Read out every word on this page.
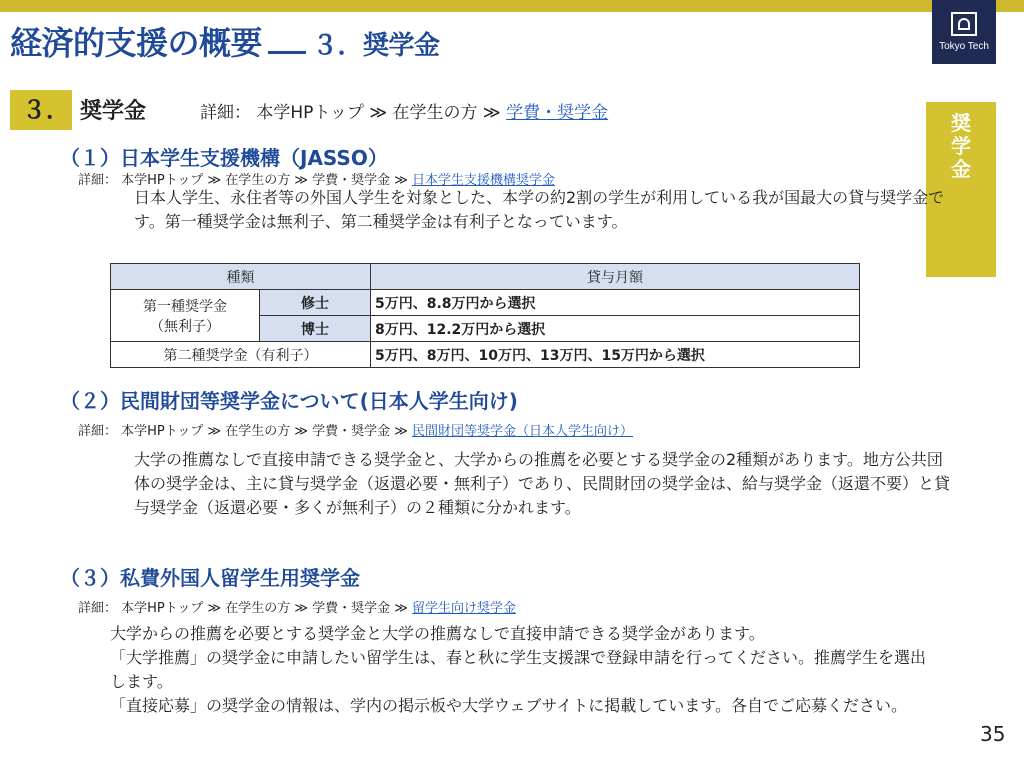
経済的支援の概要 ３．奨学金	Tokyo Tech
奨学金
３． 奨学金	詳細： 本学HPトップ ≫ 在学生の方 ≫ 学費・奨学金
（１）日本学生支援機構（JASSO）
詳細： 本学HPトップ ≫ 在学生の方 ≫ 学費・奨学金 ≫ 日本学生支援機構奨学金

日本人学生、永住者等の外国人学生を対象とした、本学の約2割の学生が利用している我が国最大の貸与奨学金です。第一種奨学金は無利子、第二種奨学金は有利子となっています。

種類		貸与月額

第一種奨学金
（無利子）	修士	5万円、8.8万円から選択
	博士	8万円、12.2万円から選択
第二種奨学金（有利子）		5万円、8万円、10万円、13万円、15万円から選択
（２）民間財団等奨学金について(日本人学生向け)
詳細： 本学HPトップ ≫ 在学生の方 ≫ 学費・奨学金 ≫ 民間財団等奨学金（日本人学生向け）

大学の推薦なしで直接申請できる奨学金と、大学からの推薦を必要とする奨学金の2種類があります。地方公共団体の奨学金は、主に貸与奨学金（返還必要・無利子）であり、民間財団の奨学金は、給与奨学金（返還不要）と貸与奨学金（返還必要・多くが無利子）の２種類に分かれます。

（３）私費外国人留学生用奨学金
詳細： 本学HPトップ ≫ 在学生の方 ≫ 学費・奨学金 ≫ 留学生向け奨学金
大学からの推薦を必要とする奨学金と大学の推薦なしで直接申請できる奨学金があります。
「大学推薦」の奨学金に申請したい留学生は、春と秋に学生支援課で登録申請を行ってください。推薦学生を選出します。
「直接応募」の奨学金の情報は、学内の掲示板や大学ウェブサイトに掲載しています。各自でご応募ください。
35
